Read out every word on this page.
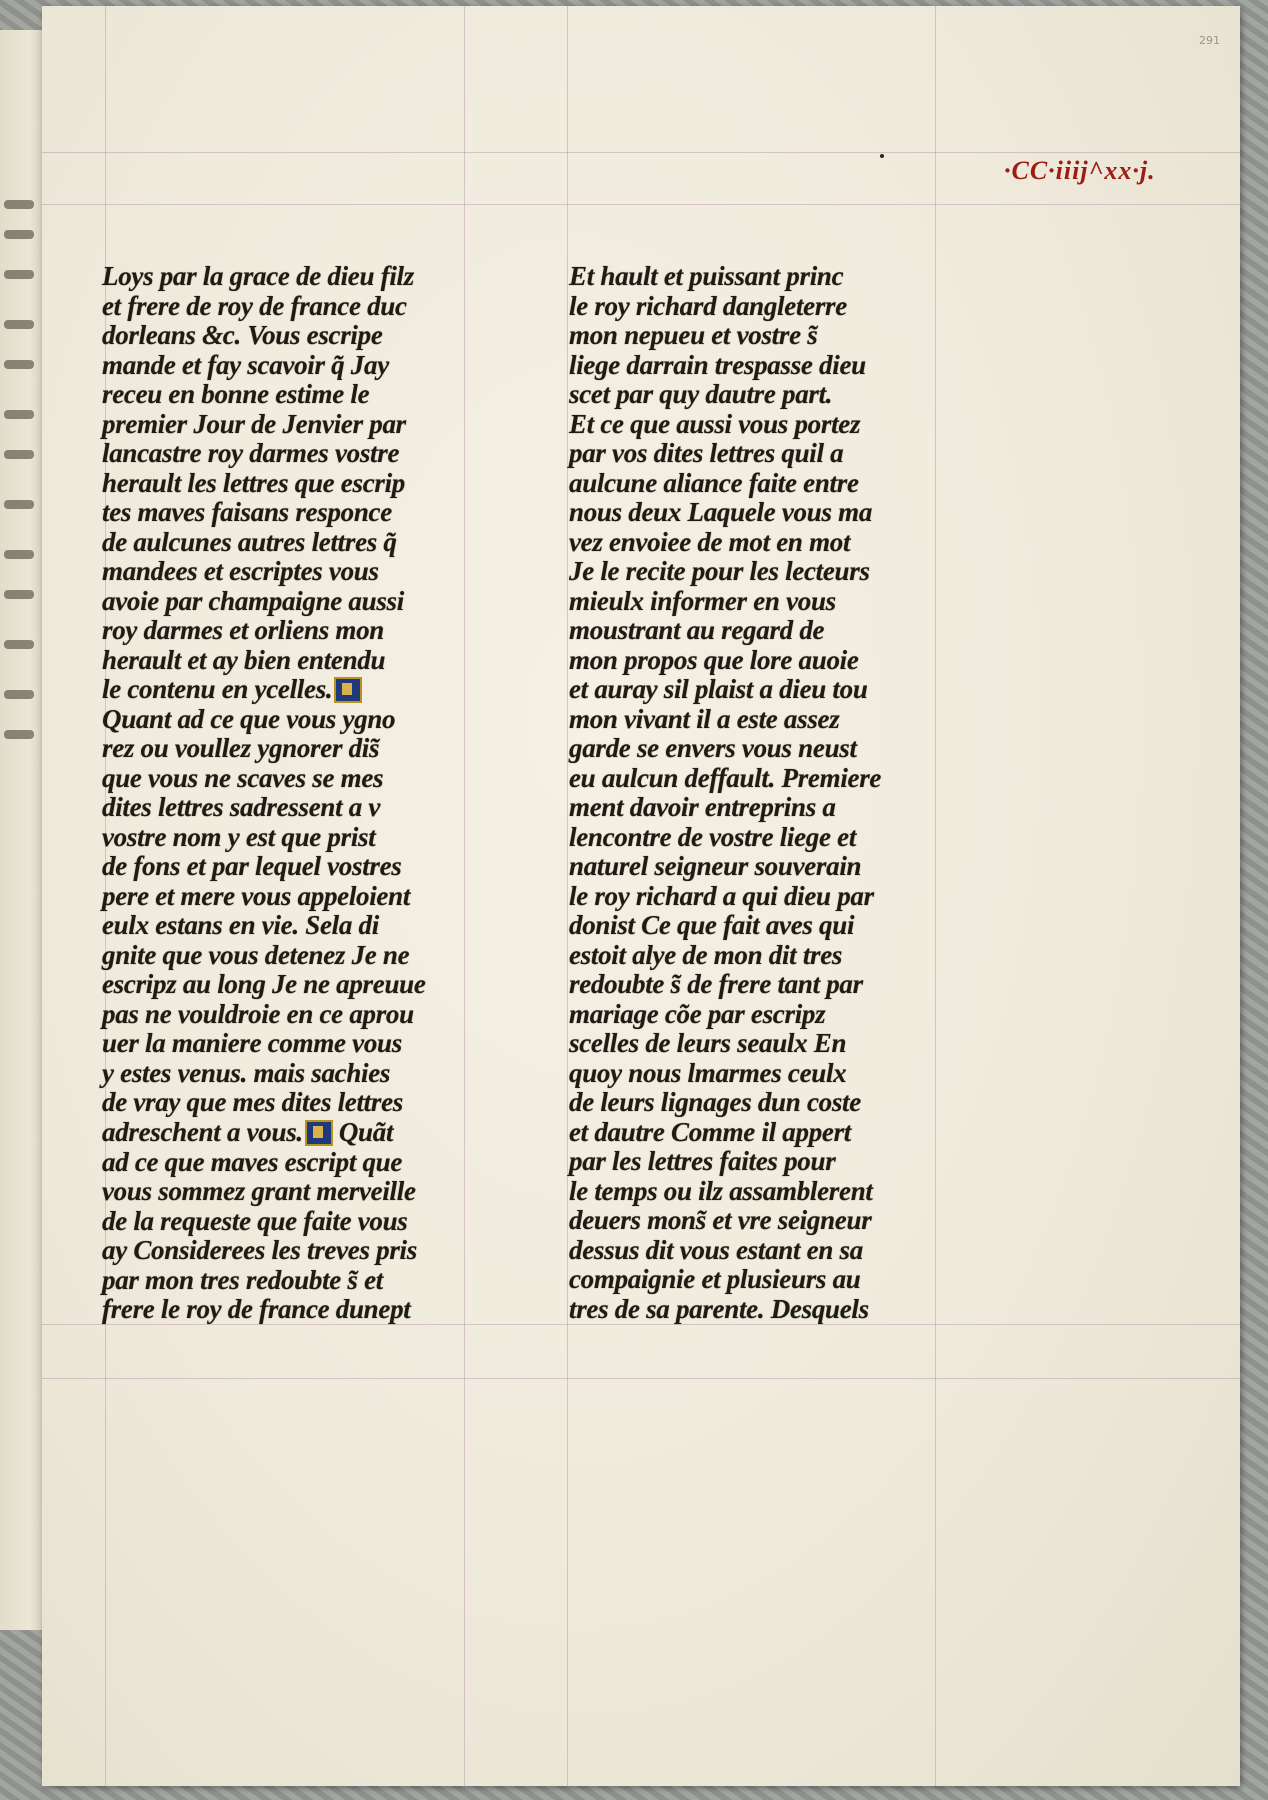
291
·CC·iiij^xx·j.
Loys par la grace de dieu filz
et frere de roy de france duc
dorleans &c. Vous escripe
mande et fay scavoir q̃ Jay
receu en bonne estime le
premier Jour de Jenvier par
lancastre roy darmes vostre
herault les lettres que escrip
tes maves faisans responce
de aulcunes autres lettres q̃
mandees et escriptes vous
avoie par champaigne aussi
roy darmes et orliens mon
herault et ay bien entendu
le contenu en ycelles.
Quant ad ce que vous ygno
rez ou voullez ygnorer dis̃
que vous ne scaves se mes
dites lettres sadressent a v
vostre nom y est que prist
de fons et par lequel vostres
pere et mere vous appeloient
eulx estans en vie. Sela di
gnite que vous detenez Je ne
escripz au long Je ne apreuue
pas ne vouldroie en ce aprou
uer la maniere comme vous
y estes venus. mais sachies
de vray que mes dites lettres
adreschent a vous. Quãt
ad ce que maves escript que
vous sommez grant merveille
de la requeste que faite vous
ay Considerees les treves pris
par mon tres redoubte s̃ et
frere le roy de france dunept
Et hault et puissant princ
le roy richard dangleterre
mon nepueu et vostre s̃
liege darrain trespasse dieu
scet par quy dautre part.
Et ce que aussi vous portez
par vos dites lettres quil a
aulcune aliance faite entre
nous deux Laquele vous ma
vez envoiee de mot en mot
Je le recite pour les lecteurs
mieulx informer en vous
moustrant au regard de
mon propos que lore auoie
et auray sil plaist a dieu tou
mon vivant il a este assez
garde se envers vous neust
eu aulcun deffault. Premiere
ment davoir entreprins a
lencontre de vostre liege et
naturel seigneur souverain
le roy richard a qui dieu par
donist Ce que fait aves qui
estoit alye de mon dit tres
redoubte s̃ de frere tant par
mariage cõe par escripz
scelles de leurs seaulx En
quoy nous lmarmes ceulx
de leurs lignages dun coste
et dautre Comme il appert
par les lettres faites pour
le temps ou ilz assamblerent
deuers mons̃ et vre seigneur
dessus dit vous estant en sa
compaignie et plusieurs au
tres de sa parente. Desquels
